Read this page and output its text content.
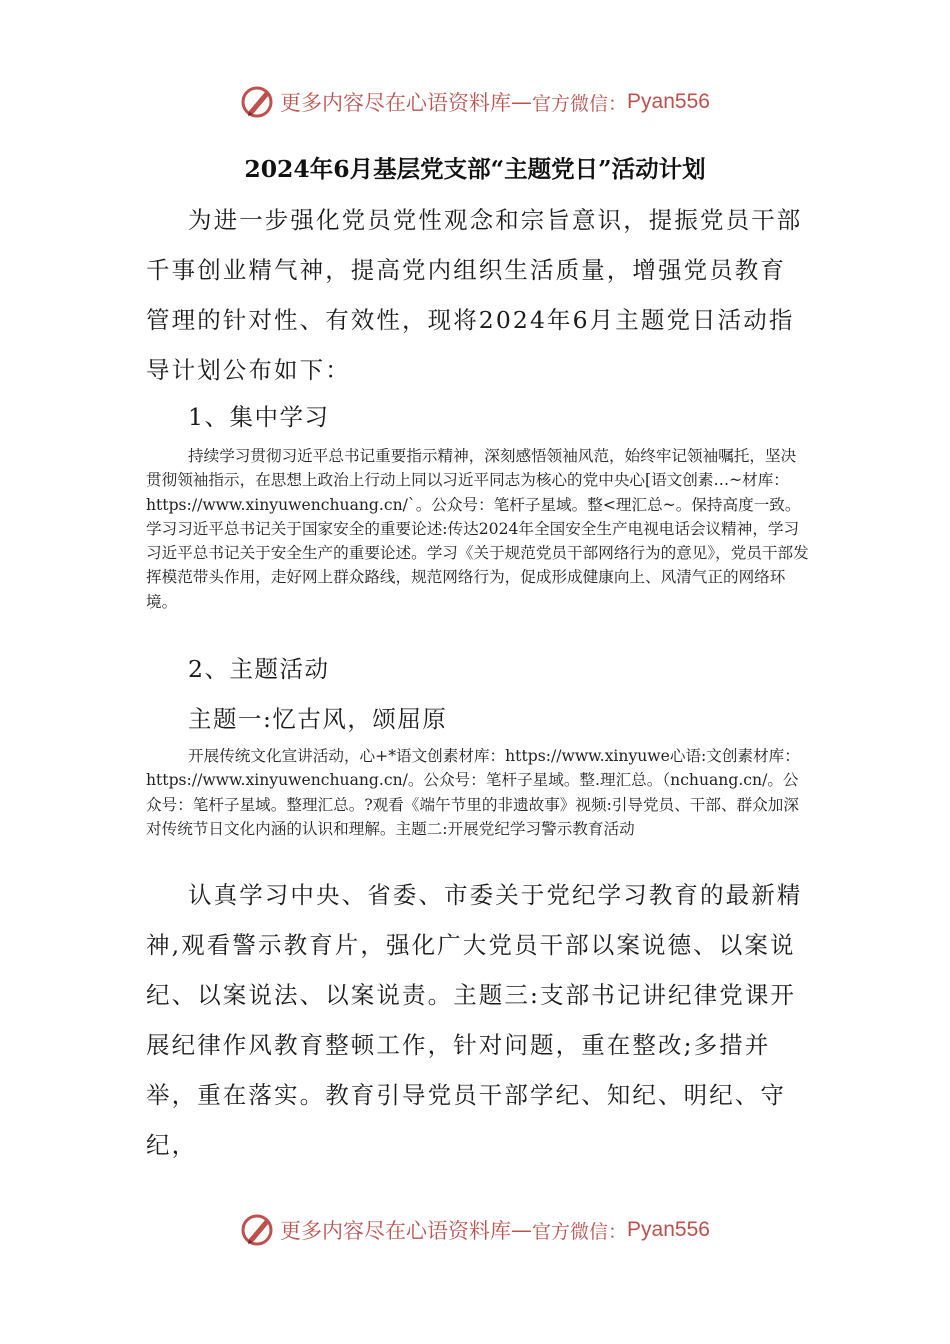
更多内容尽在心语资料库 — 官方微信： Pyan556
2024年6月基层党支部“主题党日”活动计划

为进一步强化党员党性观念和宗旨意识，提振党员干部千事创业精气神，提高党内组织生活质量，增强党员教育管理的针对性、有效性，现将2024年6月主题党日活动指导计划公布如下：

1、集中学习

持续学习贯彻习近平总书记重要指示精神，深刻感悟领袖风范，始终牢记领袖嘱托，坚决贯彻领袖指示，在思想上政治上行动上同以习近平同志为核心的党中央心[语文创素…~材库：https://www.xinyuwenchuang.cn/`。公众号：笔杆子星域。整<理汇总~。保持高度一致。学习习近平总书记关于国家安全的重要论述:传达2024年全国安全生产电视电话会议精神，学习习近平总书记关于安全生产的重要论述。学习《关于规范党员干部网络行为的意见》，党员干部发挥模范带头作用，走好网上群众路线，规范网络行为，促成形成健康向上、风清气正的网络环境。

2、主题活动
主题一:忆古风，颂屈原

开展传统文化宣讲活动，心+*语文创素材库：https://www.xinyuwe心语:文创素材库：https://www.xinyuwenchuang.cn/。公众号：笔杆子星域。整.理汇总。（nchuang.cn/。公众号：笔杆子星域。整理汇总。?观看《端午节里的非遗故事》视频:引导党员、干部、群众加深对传统节日文化内涵的认识和理解。主题二:开展党纪学习警示教育活动

认真学习中央、省委、市委关于党纪学习教育的最新精神,观看警示教育片，强化广大党员干部以案说德、以案说纪、以案说法、以案说责。主题三:支部书记讲纪律党课开展纪律作风教育整顿工作，针对问题，重在整改;多措并举，重在落实。教育引导党员干部学纪、知纪、明纪、守纪，

更多内容尽在心语资料库 — 官方微信： Pyan556
